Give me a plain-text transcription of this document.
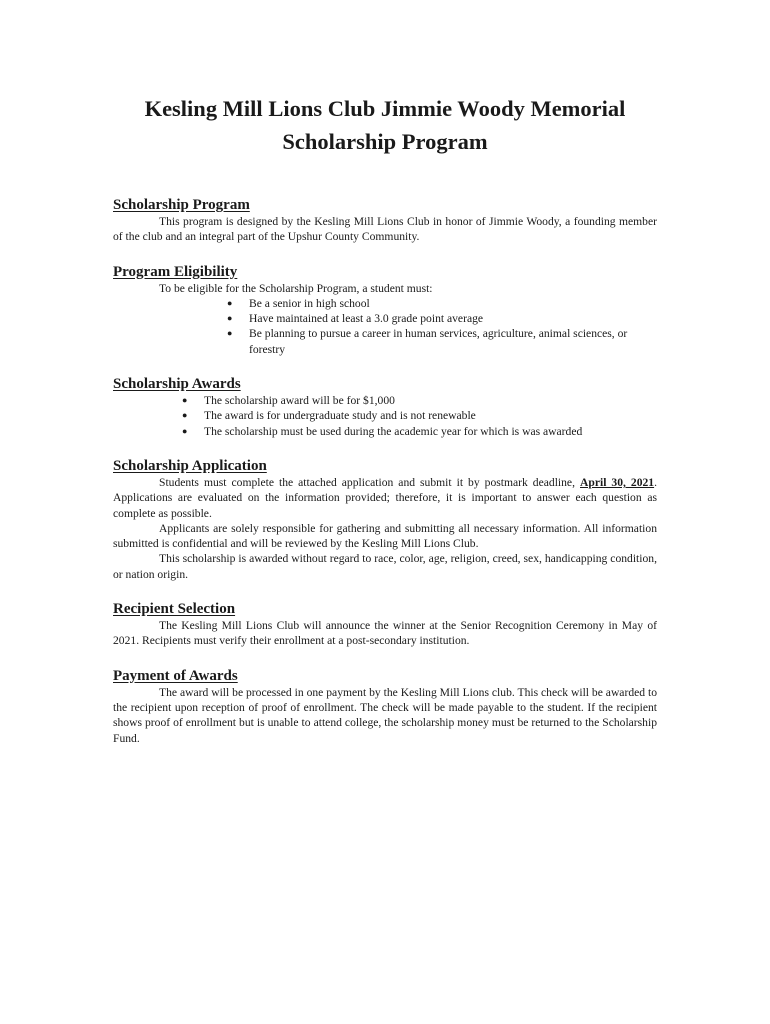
Kesling Mill Lions Club Jimmie Woody Memorial
Scholarship Program
Scholarship Program

This program is designed by the Kesling Mill Lions Club in honor of Jimmie Woody, a founding member of the club and an integral part of the Upshur County Community.

Program Eligibility

To be eligible for the Scholarship Program, a student must:

● Be a senior in high school
● Have maintained at least a 3.0 grade point average
● Be planning to pursue a career in human services, agriculture, animal sciences, or forestry
Scholarship Awards
● The scholarship award will be for $1,000
● The award is for undergraduate study and is not renewable
● The scholarship must be used during the academic year for which is was awarded
Scholarship Application

Students must complete the attached application and submit it by postmark deadline, April 30, 2021. Applications are evaluated on the information provided; therefore, it is important to answer each question as complete as possible.

Applicants are solely responsible for gathering and submitting all necessary information. All information submitted is confidential and will be reviewed by the Kesling Mill Lions Club.

This scholarship is awarded without regard to race, color, age, religion, creed, sex, handicapping condition, or nation origin.

Recipient Selection

The Kesling Mill Lions Club will announce the winner at the Senior Recognition Ceremony in May of 2021. Recipients must verify their enrollment at a post-secondary institution.

Payment of Awards

The award will be processed in one payment by the Kesling Mill Lions club. This check will be awarded to the recipient upon reception of proof of enrollment. The check will be made payable to the student. If the recipient shows proof of enrollment but is unable to attend college, the scholarship money must be returned to the Scholarship Fund.
